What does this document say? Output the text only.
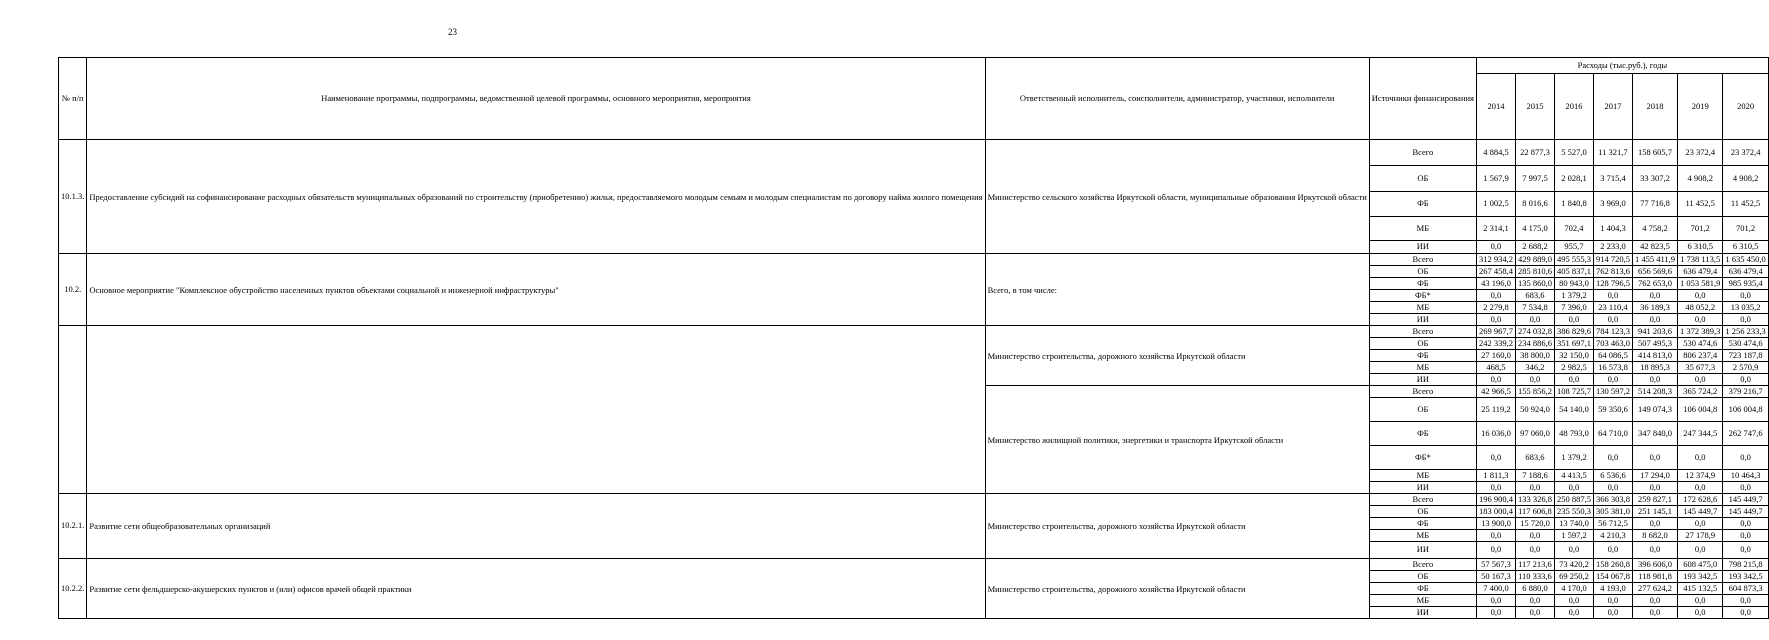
23
№ п/п	Наименование программы, подпрограммы, ведомственной целевой программы, основного мероприятия, мероприятия	Ответственный исполнитель, соисполнители, администратор, участники, исполнители	Источники финансирования	Расходы (тыс.руб.), годы						
				2014	2015	2016	2017	2018	2019	2020
10.1.3.	Предоставление субсидий на софинансирование расходных обязательств муниципальных образований по строительству (приобретению) жилья, предоставляемого молодым семьям и молодым специалистам по договору найма жилого помещения	Министерство сельского хозяйства Иркутской области, муниципальные образования Иркутской области	Всего	4 884,5	22 877,3	5 527,0	11 321,7	158 605,7	23 372,4	23 372,4
			ОБ	1 567,9	7 997,5	2 028,1	3 715,4	33 307,2	4 908,2	4 908,2
			ФБ	1 002,5	8 016,6	1 840,8	3 969,0	77 716,8	11 452,5	11 452,5
			МБ	2 314,1	4 175,0	702,4	1 404,3	4 758,2	701,2	701,2
			ИИ	0,0	2 688,2	955,7	2 233,0	42 823,5	6 310,5	6 310,5
10.2.	Основное мероприятие "Комплексное обустройство населенных пунктов объектами социальной и инженерной инфраструктуры"	Всего, в том числе:	Всего	312 934,2	429 889,0	495 555,3	914 720,5	1 455 411,9	1 738 113,5	1 635 450,0
			ОБ	267 458,4	285 810,6	405 837,1	762 813,6	656 569,6	636 479,4	636 479,4
			ФБ	43 196,0	135 860,0	80 943,0	128 796,5	762 653,0	1 053 581,9	985 935,4
			ФБ*	0,0	683,6	1 379,2	0,0	0,0	0,0	0,0
			МБ	2 279,8	7 534,8	7 396,0	23 110,4	36 189,3	48 052,2	13 035,2
			ИИ	0,0	0,0	0,0	0,0	0,0	0,0	0,0
		Министерство строительства, дорожного хозяйства Иркутской области	Всего	269 967,7	274 032,8	386 829,6	784 123,3	941 203,6	1 372 389,3	1 256 233,3
			ОБ	242 339,2	234 886,6	351 697,1	703 463,0	507 495,3	530 474,6	530 474,6
			ФБ	27 160,0	38 800,0	32 150,0	64 086,5	414 813,0	806 237,4	723 187,8
			МБ	468,5	346,2	2 982,5	16 573,8	18 895,3	35 677,3	2 570,9
			ИИ	0,0	0,0	0,0	0,0	0,0	0,0	0,0
		Министерство жилищной политики, энергетики и транспорта Иркутской области	Всего	42 966,5	155 856,2	108 725,7	130 597,2	514 208,3	365 724,2	379 216,7
			ОБ	25 119,2	50 924,0	54 140,0	59 350,6	149 074,3	106 004,8	106 004,8
			ФБ	16 036,0	97 060,0	48 793,0	64 710,0	347 840,0	247 344,5	262 747,6
			ФБ*	0,0	683,6	1 379,2	0,0	0,0	0,0	0,0
			МБ	1 811,3	7 188,6	4 413,5	6 536,6	17 294,0	12 374,9	10 464,3
			ИИ	0,0	0,0	0,0	0,0	0,0	0,0	0,0
10.2.1.	Развитие сети общеобразовательных организаций	Министерство строительства, дорожного хозяйства Иркутской области	Всего	196 900,4	133 326,8	250 887,5	366 303,8	259 827,1	172 628,6	145 449,7
			ОБ	183 000,4	117 606,8	235 550,3	305 381,0	251 145,1	145 449,7	145 449,7
			ФБ	13 900,0	15 720,0	13 740,0	56 712,5	0,0	0,0	0,0
			МБ	0,0	0,0	1 597,2	4 210,3	8 682,0	27 178,9	0,0
			ИИ	0,0	0,0	0,0	0,0	0,0	0,0	0,0
10.2.2.	Развитие сети фельдшерско-акушерских пунктов и (или) офисов врачей общей практики	Министерство строительства, дорожного хозяйства Иркутской области	Всего	57 567,3	117 213,6	73 420,2	158 260,8	396 606,0	608 475,0	798 215,8
			ОБ	50 167,3	110 333,6	69 250,2	154 067,8	118 981,8	193 342,5	193 342,5
			ФБ	7 400,0	6 880,0	4 170,0	4 193,0	277 624,2	415 132,5	604 873,3
			МБ	0,0	0,0	0,0	0,0	0,0	0,0	0,0
			ИИ	0,0	0,0	0,0	0,0	0,0	0,0	0,0
